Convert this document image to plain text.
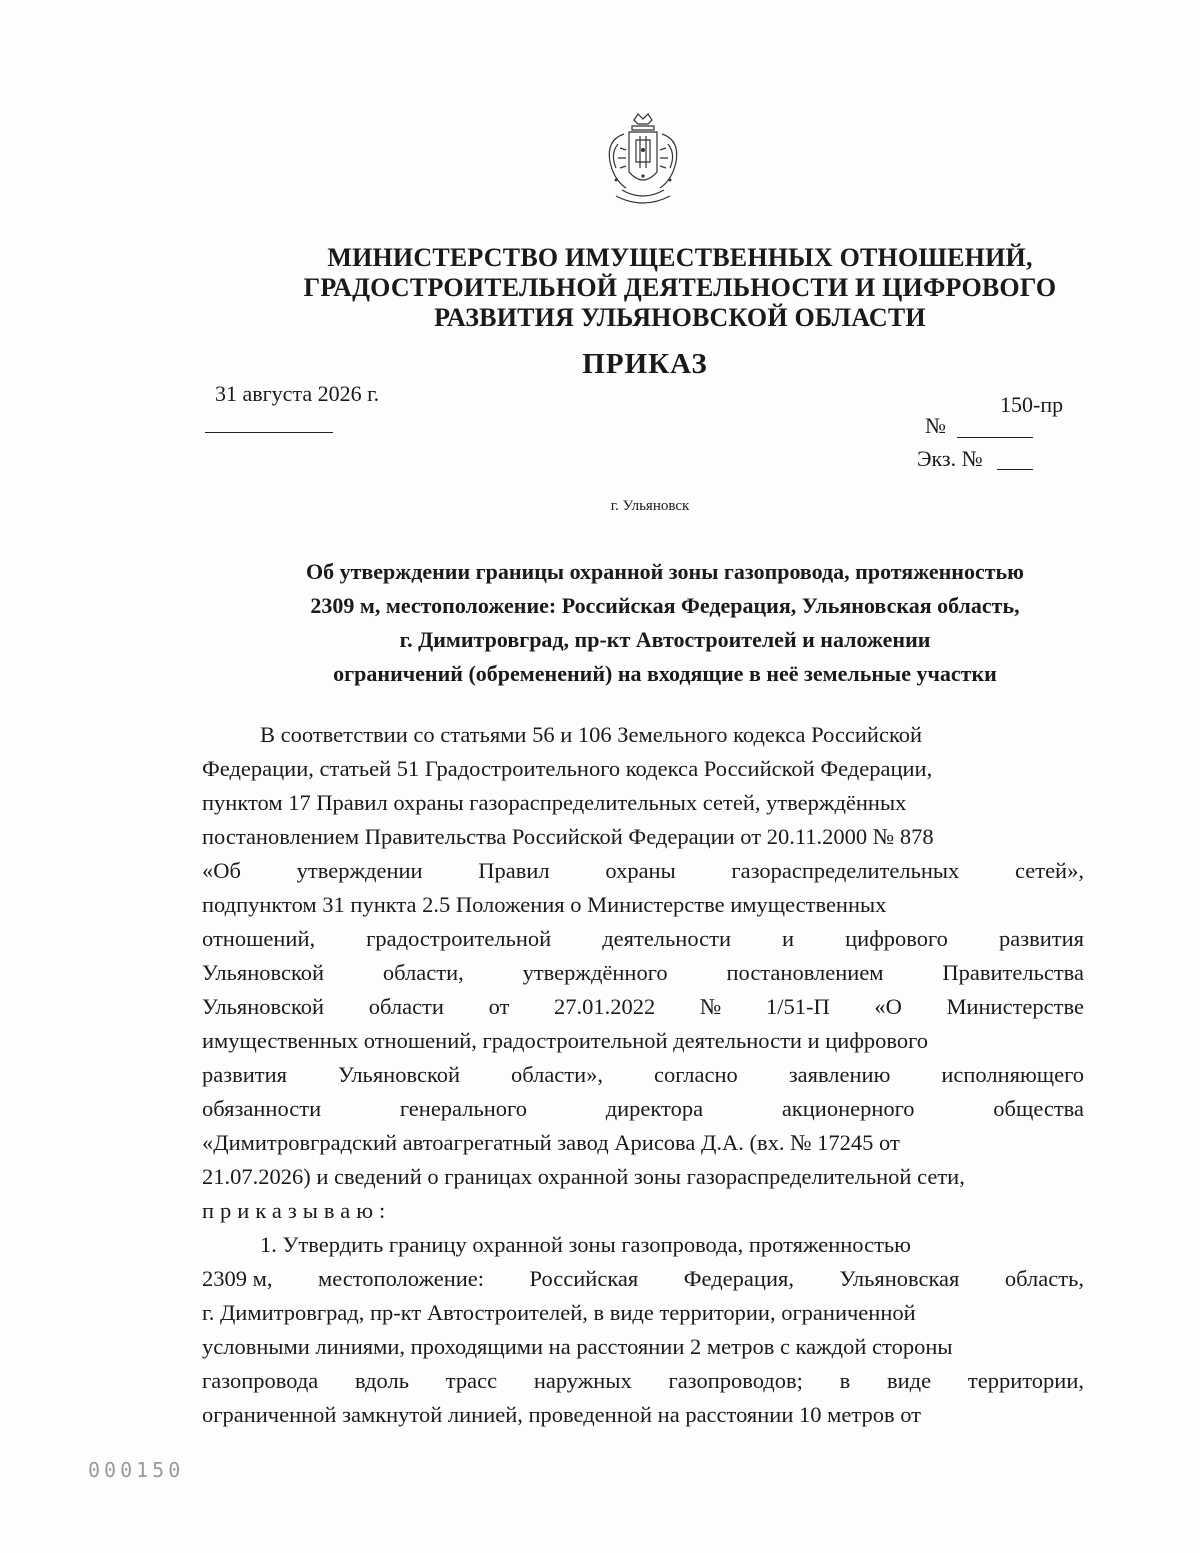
МИНИСТЕРСТВО ИМУЩЕСТВЕННЫХ ОТНОШЕНИЙ,
ГРАДОСТРОИТЕЛЬНОЙ ДЕЯТЕЛЬНОСТИ И ЦИФРОВОГО
РАЗВИТИЯ УЛЬЯНОВСКОЙ ОБЛАСТИ
ПРИКАЗ
31 августа 2026 г.	150-пр
№
Экз. №
г. Ульяновск
Об утверждении границы охранной зоны газопровода, протяженностью
2309 м, местоположение: Российская Федерация, Ульяновская область,
г. Димитровград, пр-кт Автостроителей и наложении
ограничений (обременений) на входящие в неё земельные участки
В соответствии со статьями 56 и 106 Земельного кодекса Российской
Федерации, статьей 51 Градостроительного кодекса Российской Федерации,
пунктом 17 Правил охраны газораспределительных сетей, утверждённых
постановлением Правительства Российской Федерации от 20.11.2000 № 878
«Об утверждении Правил охраны газораспределительных сетей»,
подпунктом 31 пункта 2.5 Положения о Министерстве имущественных
отношений, градостроительной деятельности и цифрового развития
Ульяновской	области,	утверждённого	постановлением	Правительства
Ульяновской области от 27.01.2022 № 1/51-П «О Министерстве
имущественных отношений, градостроительной деятельности и цифрового
развития Ульяновской области», согласно заявлению исполняющего
обязанности	генерального	директора	акционерного	общества
«Димитровградский автоагрегатный завод Арисова Д.А. (вх. № 17245 от
21.07.2026) и сведений о границах охранной зоны газораспределительной сети,
приказываю:
1. Утвердить границу охранной зоны газопровода, протяженностью
2309 м, местоположение: Российская Федерация, Ульяновская область,
г. Димитровград, пр-кт Автостроителей, в виде территории, ограниченной
условными линиями, проходящими на расстоянии 2 метров с каждой стороны
газопровода вдоль трасс наружных газопроводов; в виде территории,
ограниченной замкнутой линией, проведенной на расстоянии 10 метров от
000150
